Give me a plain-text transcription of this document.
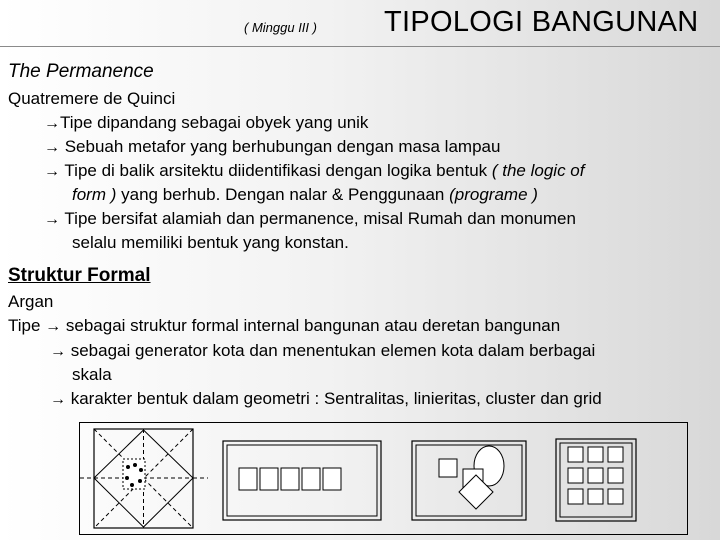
( Minggu III ) TIPOLOGI BANGUNAN
The Permanence
Quatremere de Quinci
→Tipe dipandang sebagai obyek yang unik
→ Sebuah metafor yang berhubungan dengan masa lampau
→ Tipe di balik arsitektu diidentifikasi dengan logika bentuk ( the logic of
form ) yang berhub. Dengan nalar & Penggunaan (programe )
→ Tipe bersifat alamiah dan permanence, misal Rumah dan monumen
selalu memiliki bentuk yang konstan.
Struktur Formal
Argan
Tipe → sebagai struktur formal internal bangunan atau deretan bangunan
→ sebagai generator kota dan menentukan elemen kota dalam berbagai
skala
→ karakter bentuk dalam geometri : Sentralitas, linieritas, cluster dan grid
